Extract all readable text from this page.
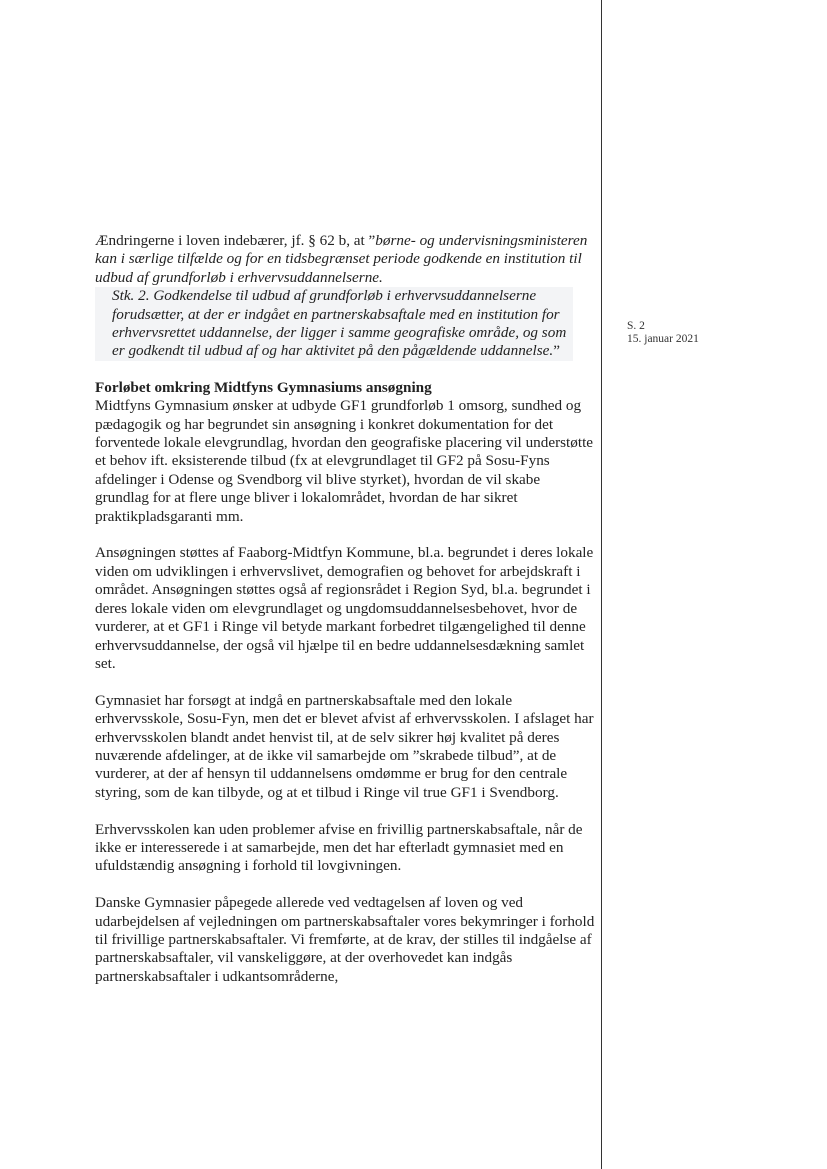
S. 2
15. januar 2021

Ændringerne i loven indebærer, jf. § 62 b, at ”børne- og undervisningsministeren kan i særlige tilfælde og for en tidsbegrænset periode godkende en institution til udbud af grundforløb i erhvervsuddannelserne.

Stk. 2. Godkendelse til udbud af grundforløb i erhvervsuddannelserne forudsætter, at der er indgået en partnerskabsaftale med en institution for erhvervsrettet uddannelse, der ligger i samme geografiske område, og som er godkendt til udbud af og har aktivitet på den pågældende uddannelse.”

Forløbet omkring Midtfyns Gymnasiums ansøgning

Midtfyns Gymnasium ønsker at udbyde GF1 grundforløb 1 omsorg, sundhed og pædagogik og har begrundet sin ansøgning i konkret dokumentation for det forventede lokale elevgrundlag, hvordan den geografiske placering vil understøtte et behov ift. eksisterende tilbud (fx at elevgrundlaget til GF2 på Sosu-Fyns afdelinger i Odense og Svendborg vil blive styrket), hvordan de vil skabe grundlag for at flere unge bliver i lokalområdet, hvordan de har sikret praktikpladsgaranti mm.

Ansøgningen støttes af Faaborg-Midtfyn Kommune, bl.a. begrundet i deres lokale viden om udviklingen i erhvervslivet, demografien og behovet for arbejdskraft i området. Ansøgningen støttes også af regionsrådet i Region Syd, bl.a. begrundet i deres lokale viden om elevgrundlaget og ungdomsuddannelsesbehovet, hvor de vurderer, at et GF1 i Ringe vil betyde markant forbedret tilgængelighed til denne erhvervsuddannelse, der også vil hjælpe til en bedre uddannelsesdækning samlet set.

Gymnasiet har forsøgt at indgå en partnerskabsaftale med den lokale erhvervsskole, Sosu-Fyn, men det er blevet afvist af erhvervsskolen. I afslaget har erhvervsskolen blandt andet henvist til, at de selv sikrer høj kvalitet på deres nuværende afdelinger, at de ikke vil samarbejde om ”skrabede tilbud”, at de vurderer, at der af hensyn til uddannelsens omdømme er brug for den centrale styring, som de kan tilbyde, og at et tilbud i Ringe vil true GF1 i Svendborg.

Erhvervsskolen kan uden problemer afvise en frivillig partnerskabsaftale, når de ikke er interesserede i at samarbejde, men det har efterladt gymnasiet med en ufuldstændig ansøgning i forhold til lovgivningen.

Danske Gymnasier påpegede allerede ved vedtagelsen af loven og ved udarbejdelsen af vejledningen om partnerskabsaftaler vores bekymringer i forhold til frivillige partnerskabsaftaler. Vi fremførte, at de krav, der stilles til indgåelse af partnerskabsaftaler, vil vanskeliggøre, at der overhovedet kan indgås partnerskabsaftaler i udkantsområderne,
